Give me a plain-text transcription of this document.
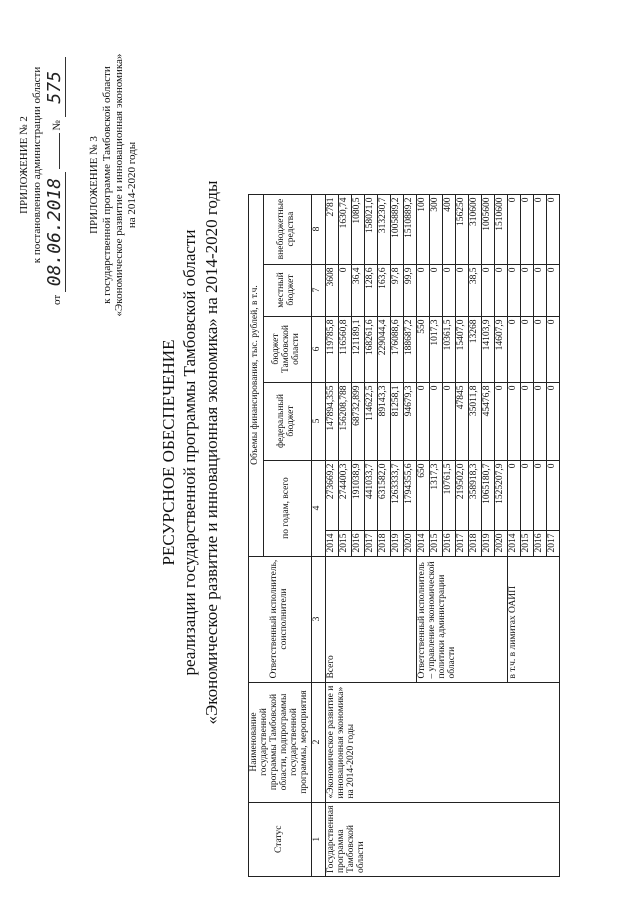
ПРИЛОЖЕНИЕ № 2 к постановлению администрации области
от 08.06.2018  № 575
ПРИЛОЖЕНИЕ № 3 к государственной программе Тамбовской области «Экономическое развитие и инновационная экономика» на 2014-2020 годы
РЕСУРСНОЕ ОБЕСПЕЧЕНИЕ реализации государственной программы Тамбовской области «Экономическое развитие и инновационная экономика» на 2014-2020 годы
Статус	Наименование государственной программы Тамбовской области, подпрограммы государственной программы, мероприятия	Ответственный исполнитель, соисполнители	Объемы финансирования, тыс. рублей, в т.ч.					
			по годам, всего		федеральный бюджет	бюджет Тамбовской области	местный бюджет	внебюджетные средства
1	2	3	4		5	6	7	8
Государственная программа Тамбовской области	«Экономическое развитие и инновационная экономика» на 2014-2020 годы	Всего	2014	273669,2	147894,355	119785,8	3608	2781
			2015	274400,3	156208,788	116560,8	0	1630,74
			2016	191038,9	68732,899	121189,1	36,4	1080,5
			2017	441033,7	114622,5	168261,6	128,6	158021,0
			2018	631582,0	89143,3	229044,4	163,6	313230,7
			2019	1263333,7	81258,1	176088,6	97,8	1005889,2
			2020	1794355,6	94679,3	188687,2	99,9	1510889,2
		Ответственный исполнитель – управление экономической политики администрации области	2014	650	0	550	0	100
			2015	1317,3	0	1017,3	0	300
			2016	10761,5	0	10361,5	0	400
			2017	219502,0	47845	15407,0	0	156250
			2018	358918,3	35011,8	13268	38,5	310600
			2019	1065180,7	45476,8	14103,9	0	1005600
			2020	1525207,9	0	14607,9	0	1510600
		в т.ч. в лимитах ОАИП	2014	0	0	0	0	0
			2015	0	0	0	0	0
			2016	0	0	0	0	0
			2017	0	0	0	0	0
